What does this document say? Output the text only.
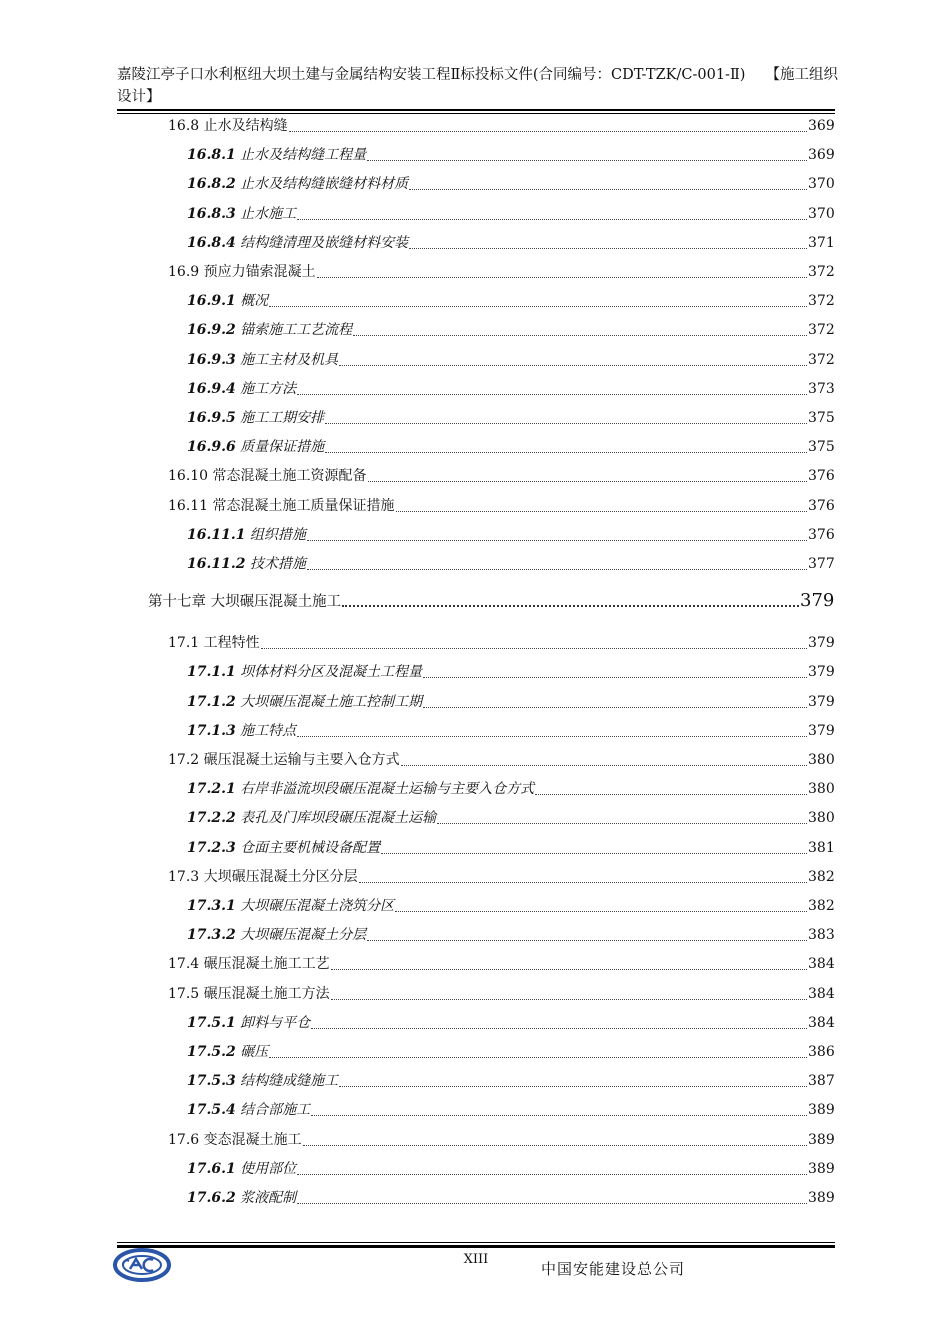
嘉陵江亭子口水利枢纽大坝土建与金属结构安装工程Ⅱ标投标文件(合同编号：CDT-TZK/C-001-Ⅱ) 【施工组织
设计】
16.8 止水及结构缝	369
16.8.1 止水及结构缝工程量	369
16.8.2 止水及结构缝嵌缝材料材质	370
16.8.3 止水施工	370
16.8.4 结构缝清理及嵌缝材料安装	371
16.9 预应力锚索混凝土	372
16.9.1 概况	372
16.9.2 锚索施工工艺流程	372
16.9.3 施工主材及机具	372
16.9.4 施工方法	373
16.9.5 施工工期安排	375
16.9.6 质量保证措施	375
16.10 常态混凝土施工资源配备	376
16.11 常态混凝土施工质量保证措施	376
16.11.1 组织措施	376
16.11.2 技术措施	377
第十七章 大坝碾压混凝土施工	379
17.1 工程特性	379
17.1.1 坝体材料分区及混凝土工程量	379
17.1.2 大坝碾压混凝土施工控制工期	379
17.1.3 施工特点	379
17.2 碾压混凝土运输与主要入仓方式	380
17.2.1 右岸非溢流坝段碾压混凝土运输与主要入仓方式	380
17.2.2 表孔及门库坝段碾压混凝土运输	380
17.2.3 仓面主要机械设备配置	381
17.3 大坝碾压混凝土分区分层	382
17.3.1 大坝碾压混凝土浇筑分区	382
17.3.2 大坝碾压混凝土分层	383
17.4 碾压混凝土施工工艺	384
17.5 碾压混凝土施工方法	384
17.5.1 卸料与平仓	384
17.5.2 碾压	386
17.5.3 结构缝成缝施工	387
17.5.4 结合部施工	389
17.6 变态混凝土施工	389
17.6.1 使用部位	389
17.6.2 浆液配制	389
XIII
中国安能建设总公司
